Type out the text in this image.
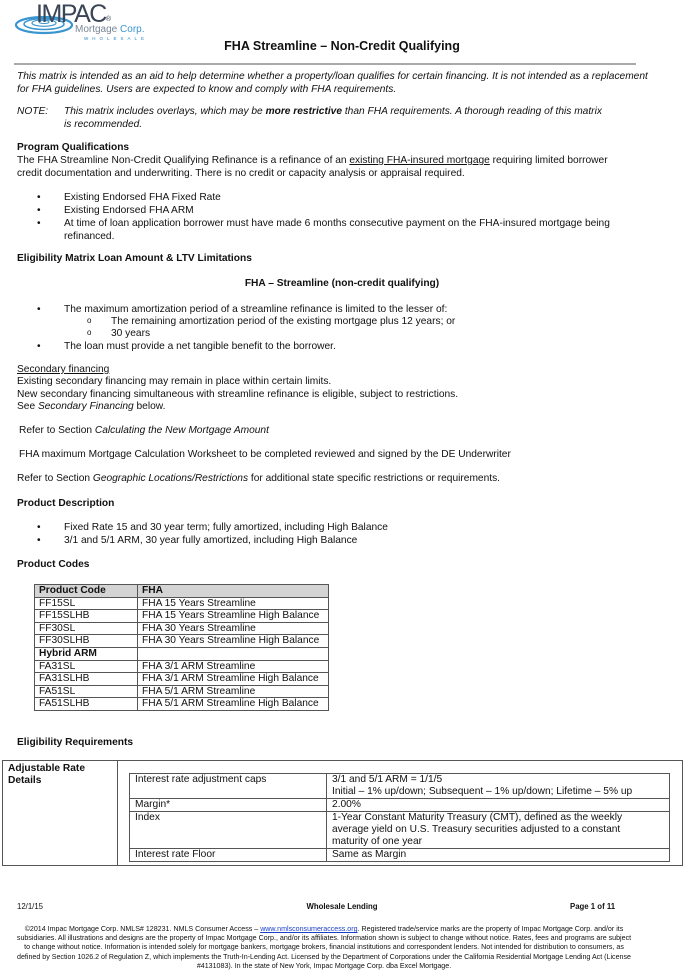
IMPAC®
Mortgage Corp.
WHOLESALE
FHA Streamline – Non-Credit Qualifying
This matrix is intended as an aid to help determine whether a property/loan qualifies for certain financing. It is not intended as a replacement for FHA guidelines. Users are expected to know and comply with FHA requirements.
NOTE: This matrix includes overlays, which may be more restrictive than FHA requirements. A thorough reading of this matrix
is recommended.
Program Qualifications
The FHA Streamline Non-Credit Qualifying Refinance is a refinance of an existing FHA-insured mortgage requiring limited borrower
credit documentation and underwriting. There is no credit or capacity analysis or appraisal required.
• Existing Endorsed FHA Fixed Rate
• Existing Endorsed FHA ARM
• At time of loan application borrower must have made 6 months consecutive payment on the FHA-insured mortgage being
refinanced.
Eligibility Matrix Loan Amount & LTV Limitations
FHA – Streamline (non-credit qualifying)
• The maximum amortization period of a streamline refinance is limited to the lesser of:
o The remaining amortization period of the existing mortgage plus 12 years; or
o 30 years
• The loan must provide a net tangible benefit to the borrower.
Secondary financing
Existing secondary financing may remain in place within certain limits.
New secondary financing simultaneous with streamline refinance is eligible, subject to restrictions.
See Secondary Financing below.
Refer to Section Calculating the New Mortgage Amount
FHA maximum Mortgage Calculation Worksheet to be completed reviewed and signed by the DE Underwriter
Refer to Section Geographic Locations/Restrictions for additional state specific restrictions or requirements.
Product Description
• Fixed Rate 15 and 30 year term; fully amortized, including High Balance
• 3/1 and 5/1 ARM, 30 year fully amortized, including High Balance
Product Codes
Product Code	FHA
FF15SL	FHA 15 Years Streamline
FF15SLHB	FHA 15 Years Streamline High Balance
FF30SL	FHA 30 Years Streamline
FF30SLHB	FHA 30 Years Streamline High Balance
Hybrid ARM	
FA31SL	FHA 3/1 ARM Streamline
FA31SLHB	FHA 3/1 ARM Streamline High Balance
FA51SL	FHA 5/1 ARM Streamline
FA51SLHB	FHA 5/1 ARM Streamline High Balance
Eligibility Requirements
Adjustable Rate
Details	Interest rate adjustment caps	3/1 and 5/1 ARM = 1/1/5
Initial – 1% up/down; Subsequent – 1% up/down; Lifetime – 5% up
Margin*	2.00%
Index	1-Year Constant Maturity Treasury (CMT), defined as the weekly
average yield on U.S. Treasury securities adjusted to a constant
maturity of one year
Interest rate Floor	Same as Margin
12/1/15	Wholesale Lending	Page 1 of 11
©2014 Impac Mortgage Corp. NMLS# 128231. NMLS Consumer Access – www.nmlsconsumeraccess.org. Registered trade/service marks are the property of Impac Mortgage Corp. and/or its subsidiaries. All illustrations and designs are the property of Impac Mortgage Corp., and/or its affiliates. Information shown is subject to change without notice. Rates, fees and programs are subject to change without notice. Information is intended solely for mortgage bankers, mortgage brokers, financial institutions and correspondent lenders. Not intended for distribution to consumers, as defined by Section 1026.2 of Regulation Z, which implements the Truth-In-Lending Act. Licensed by the Department of Corporations under the California Residential Mortgage Lending Act (License #4131083). In the state of New York, Impac Mortgage Corp. dba Excel Mortgage.
